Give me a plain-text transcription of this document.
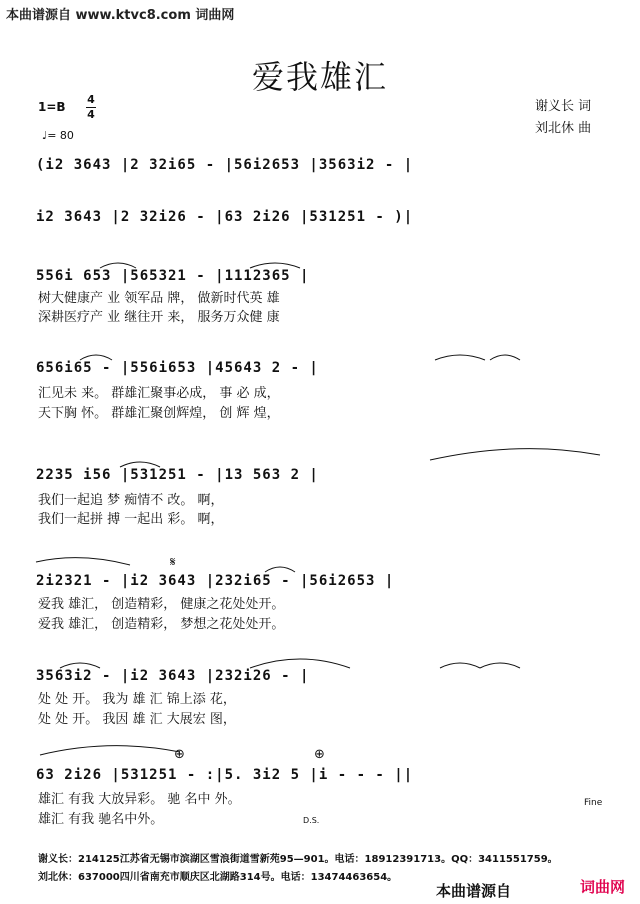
本曲谱源自 www.ktvc8.com 词曲网
爱我雄汇
1=B
4
4
♩= 80
谢义长 词
刘北休 曲
(i2 3643 |2 32i65 - |56i2653 |3563i2 - |
i2 3643 |2 32i26 - |63 2i26 |531251 - )|
556i 653 |565321 - |1112365 |
树大健康产 业 领军品 牌， 做新时代英 雄
深耕医疗产 业 继往开 来， 服务万众健 康
656i65 - |556i653 |45643 2 - |
汇见未 来。 群雄汇聚事必成， 事 必 成，
天下胸 怀。 群雄汇聚创辉煌， 创 辉 煌，
2235 i56 |531251 - |13 563 2 |
我们一起追 梦 痴情不 改。 啊，
我们一起拼 搏 一起出 彩。 啊，
2i2321 - |i2 3643 |232i65 - |56i2653 |
爱我 雄汇， 创造精彩， 健康之花处处开。
爱我 雄汇， 创造精彩， 梦想之花处处开。
3563i2 - |i2 3643 |232i26 - |
处 处 开。 我为 雄 汇 锦上添 花，
处 处 开。 我因 雄 汇 大展宏 图，
63 2i26 |531251 - :|5. 3i2 5 |i - - - ||
雄汇 有我 大放异彩。 驰 名中 外。
雄汇 有我 驰名中外。
Fine
D.S.
𝄋
⊕	⊕
谢义长：214125江苏省无锡市滨湖区雪浪街道雪新苑95—901。电话：18912391713。QQ：3411551759。
刘北休：637000四川省南充市顺庆区北湖路314号。电话：13474463654。
本曲谱源自	词曲网
